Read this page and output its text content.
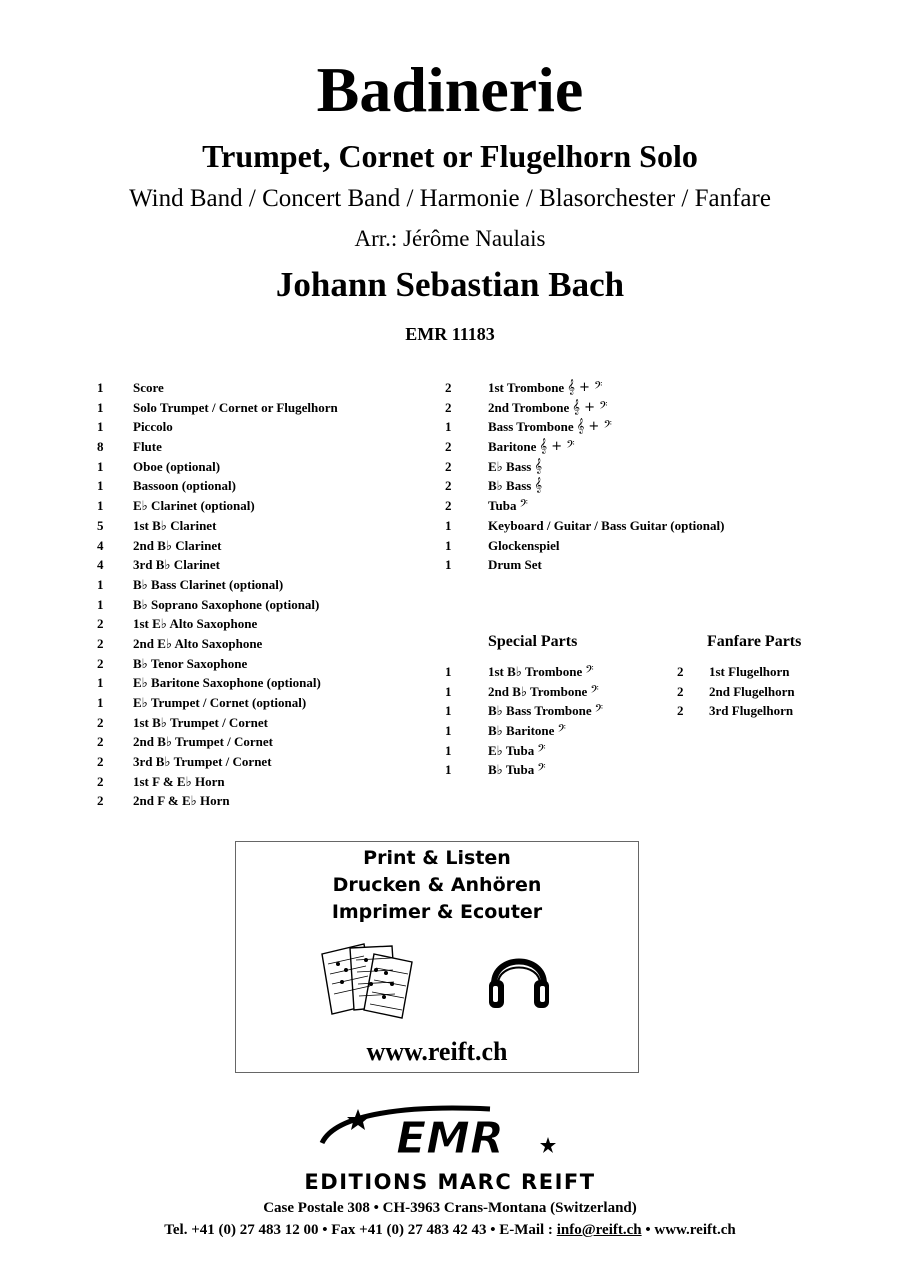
Badinerie
Trumpet, Cornet or Flugelhorn Solo
Wind Band / Concert Band / Harmonie / Blasorchester / Fanfare
Arr.: Jérôme Naulais
Johann Sebastian Bach
EMR 11183
1	Score
1	Solo Trumpet / Cornet or Flugelhorn
1	Piccolo
8	Flute
1	Oboe (optional)
1	Bassoon (optional)
1	E♭ Clarinet (optional)
5	1st B♭ Clarinet
4	2nd B♭ Clarinet
4	3rd B♭ Clarinet
1	B♭ Bass Clarinet (optional)
1	B♭ Soprano Saxophone (optional)
2	1st E♭ Alto Saxophone
2	2nd E♭ Alto Saxophone
2	B♭ Tenor Saxophone
1	E♭ Baritone Saxophone (optional)
1	E♭ Trumpet / Cornet (optional)
2	1st B♭ Trumpet / Cornet
2	2nd B♭ Trumpet / Cornet
2	3rd B♭ Trumpet / Cornet
2	1st F & E♭ Horn
2	2nd F & E♭ Horn
2	1st Trombone 𝄞 + 𝄢
2	2nd Trombone 𝄞 + 𝄢
1	Bass Trombone 𝄞 + 𝄢
2	Baritone 𝄞 + 𝄢
2	E♭ Bass 𝄞
2	B♭ Bass 𝄞
2	Tuba 𝄢
1	Keyboard / Guitar / Bass Guitar (optional)
1	Glockenspiel
1	Drum Set
Special Parts	Fanfare Parts
1	1st B♭ Trombone 𝄢
1	2nd B♭ Trombone 𝄢
1	B♭ Bass Trombone 𝄢
1	B♭ Baritone 𝄢
1	E♭ Tuba 𝄢
1	B♭ Tuba 𝄢
2	1st Flugelhorn
2	2nd Flugelhorn
2	3rd Flugelhorn
Print & Listen
Drucken & Anhören
Imprimer & Ecouter
www.reift.ch
EMR
EDITIONS MARC REIFT
Case Postale 308 • CH-3963 Crans-Montana (Switzerland)
Tel. +41 (0) 27 483 12 00 • Fax +41 (0) 27 483 42 43 • E-Mail : info@reift.ch • www.reift.ch
